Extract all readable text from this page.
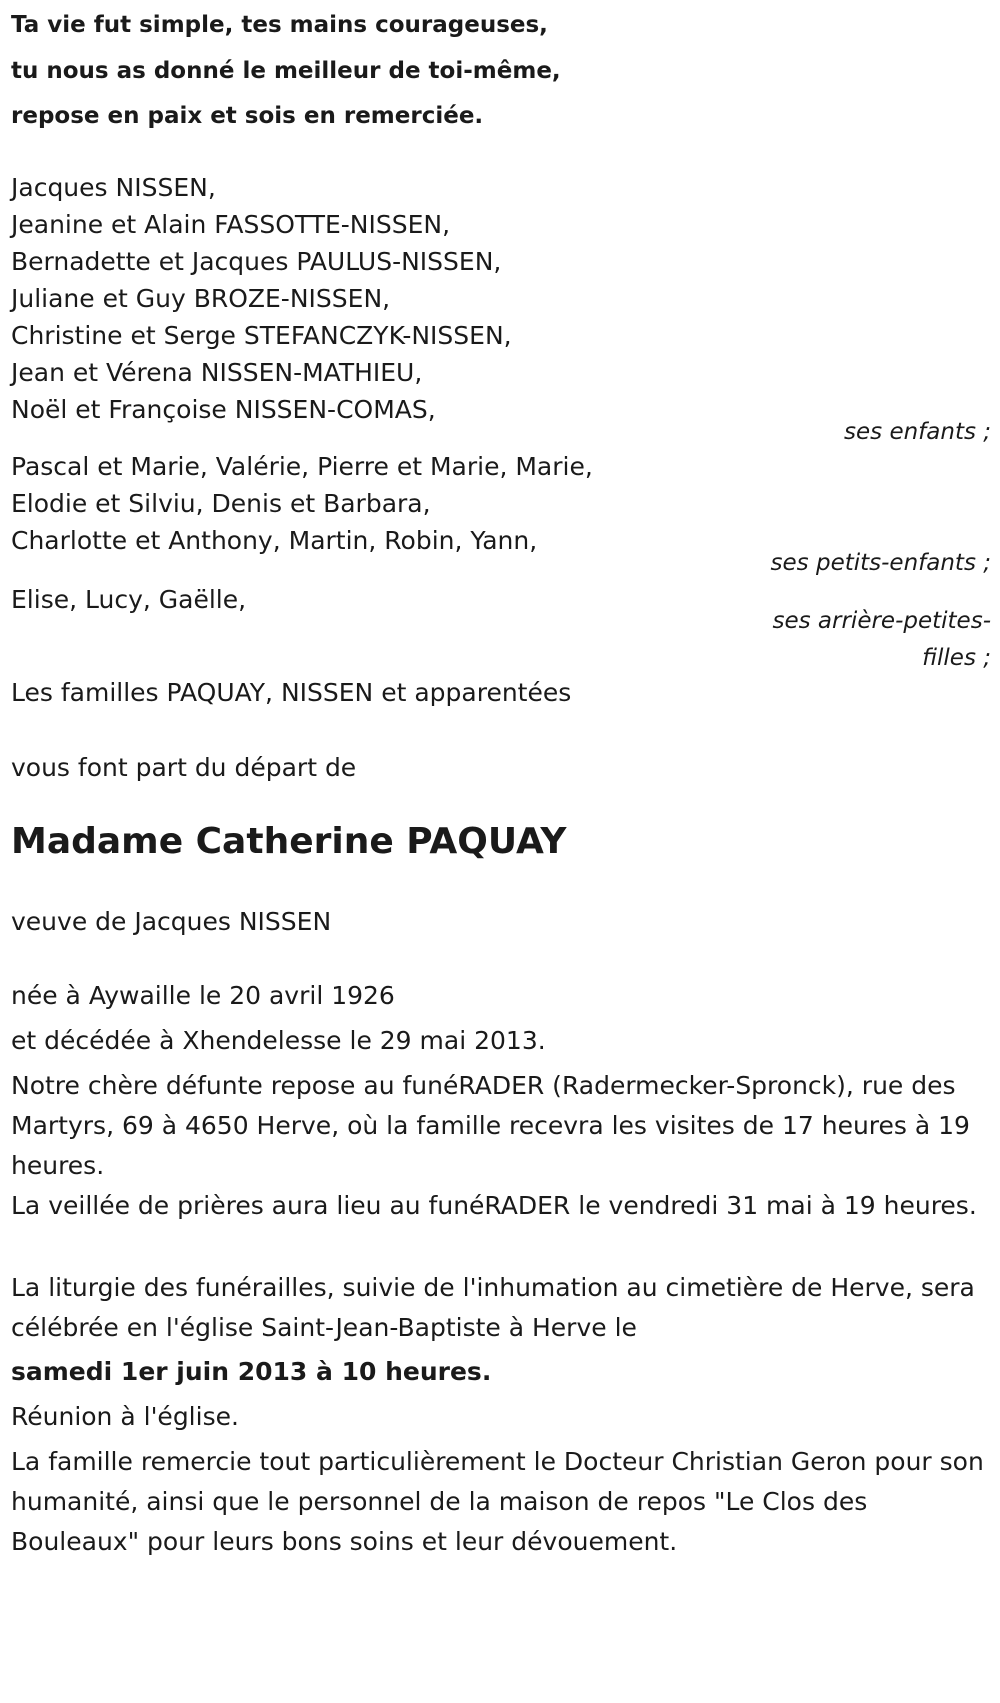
Ta vie fut simple, tes mains courageuses,
tu nous as donné le meilleur de toi-même,
repose en paix et sois en remerciée.
Jacques NISSEN,
Jeanine et Alain FASSOTTE-NISSEN,
Bernadette et Jacques PAULUS-NISSEN,
Juliane et Guy BROZE-NISSEN,
Christine et Serge STEFANCZYK-NISSEN,
Jean et Vérena NISSEN-MATHIEU,
Noël et Françoise NISSEN-COMAS,
ses enfants ;
Pascal et Marie, Valérie, Pierre et Marie, Marie,
Elodie et Silviu, Denis et Barbara,
Charlotte et Anthony, Martin, Robin, Yann,
ses petits-enfants ;
Elise, Lucy, Gaëlle,
ses arrière-petites-
filles ;
Les familles PAQUAY, NISSEN et apparentées
vous font part du départ de
Madame Catherine PAQUAY
veuve de Jacques NISSEN
née à Aywaille le 20 avril 1926
et décédée à Xhendelesse le 29 mai 2013.
Notre chère défunte repose au funéRADER (Radermecker-Spronck), rue des Martyrs, 69 à 4650 Herve, où la famille recevra les visites de 17 heures à 19 heures.
La veillée de prières aura lieu au funéRADER le vendredi 31 mai à 19 heures.
La liturgie des funérailles, suivie de l'inhumation au cimetière de Herve, sera célébrée en l'église Saint-Jean-Baptiste à Herve le
samedi 1er juin 2013 à 10 heures.
Réunion à l'église.
La famille remercie tout particulièrement le Docteur Christian Geron pour son humanité, ainsi que le personnel de la maison de repos "Le Clos des Bouleaux" pour leurs bons soins et leur dévouement.
